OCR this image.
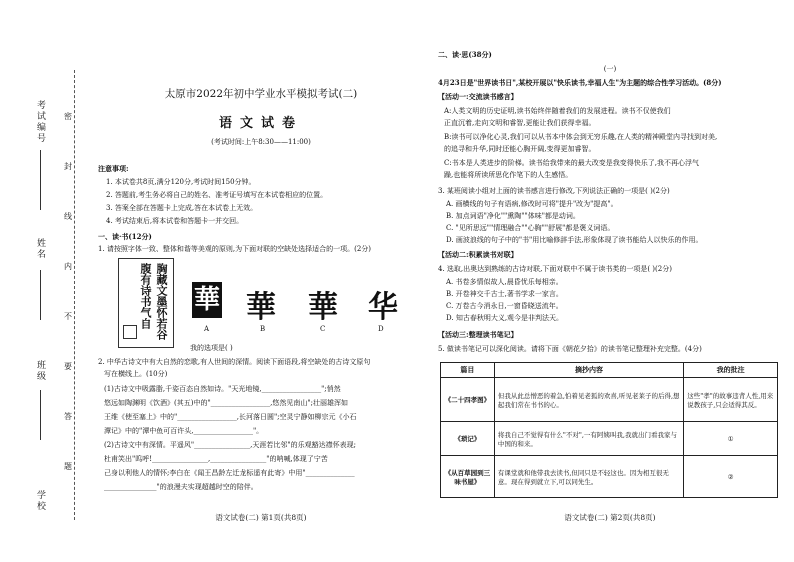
考试编号
姓名
班级
学校
密
封
线
内
不
要
答
题
太原市2022年初中学业水平模拟考试(二)
语文试卷
(考试时间:上午8:30——11:00)
注意事项:
1. 本试卷共8页,满分120分,考试时间150分钟。
2. 答题前,考生务必将自己的姓名、准考证号填写在本试卷相应的位置。
3. 答案全部在答题卡上完成,答在本试卷上无效。
4. 考试结束后,将本试卷和答题卡一并交回。
一、读·书(12分)
1. 请按照字体一致、整体和谐等美观的原则,为下面对联的空缺处选择适合的一项。(2分)
胸藏文墨怀若谷
腹有诗书气自 華 華 華 华
A	B	C	D
我的选项是( )
2. 中华古诗文中有大自然的恋歌,有人世间的深情。阅读下面语段,将空缺处的古诗文原句
写在横线上。(10分)
(1)古诗文中吸露脂,千姿百态自然如诗。"天光地镜,_________________";悄然
悠远如陶渊明《饮酒》(其五)中的"_________________,悠然见南山";壮丽雄浑如
王维《使至塞上》中的"_________________,长河落日圆";空灵宁静如柳宗元《小石
潭记》中的"潭中鱼可百许头,_________________"。
(2)古诗文中有深情。平遥风"________________,天涯若比邻"的乐观豁达襟怀表现;
杜甫笑出"呜呼!________________,________________"的呐喊,体现了宁苦
己身以利他人的情怀;李白在《闻王昌龄左迁龙标遥有此寄》中用"______________
_______________"的浪漫夫实现超越时空的陪伴。
语文试卷(二) 第1页(共8页)
二、读·思(38分)
(一)
4月23日是"世界读书日",某校开展以"快乐读书,幸福人生"为主题的综合性学习活动。(8分)
【活动一:交流读书感言】
A:人类文明的历史证明,读书始终伴随着我们的发展进程。读书不仅使我们
正直沉着,走向文明和睿智,更能让我们获得幸福。
B:读书可以净化心灵,我们可以从书本中体会到无穷乐趣,在人类的精神殿堂内寻找到对美,
的追寻和升华,同时还能心胸开阔,变得更加睿智。
C:书本是人类进步的阶梯。读书给我带来的最大改变是我变得快乐了,我不再心浮气
躁,也能将所读所思化作笔下的人生感悟。
3. 某班阅读小组对上面的读书感言进行修改,下列说法正确的一项是( )(2分)
A. 画横线的句子有语病,修改时可将"提升"改为"提高"。
B. 加点词语"净化""熏陶""体味"都是动词。
C. "见所思远""情理融合""心胸""舒展"都是褒义词语。
D. 画波浪线的句子中的"书"用比喻修辞手法,形象体现了读书能给人以快乐的作用。
【活动二:积累读书对联】
4. 选取,出奥达到熟练的古诗对联,下面对联中不属于读书类的一项是( )(2分)
A. 书卷多情似故人,晨昏忧乐每相亲。
B. 开卷神交千古士,著书学求一家言。
C. 万卷古今消永日,一窗昏晓送流年。
D. 知古春秋明大义,观今是非判法天。
【活动三:整理读书笔记】
5. 做读书笔记可以深化阅读。请将下面《朝花夕拾》的读书笔记整理补充完整。(4分)
篇目	摘抄内容	我的批注
《二十四孝图》	但我从此总憎恶的着急,怕着见老狐的欢喜,听见老莱子的后得,想起我们常在书书的心。	这些"孝"的故事违背人性,用来说教孩子,只会适得其反。
《琐记》	将我自己不觉得有什么"不对",一有阿姨叫我,我就出门看我家与中国的和来。	①
《从百草园到三味书屋》	有课堂就和他带我去读书,但同只是不轻这也。因为相互很无意。现在得到就立下,可以同先生。	②
语文试卷(二) 第2页(共8页)
